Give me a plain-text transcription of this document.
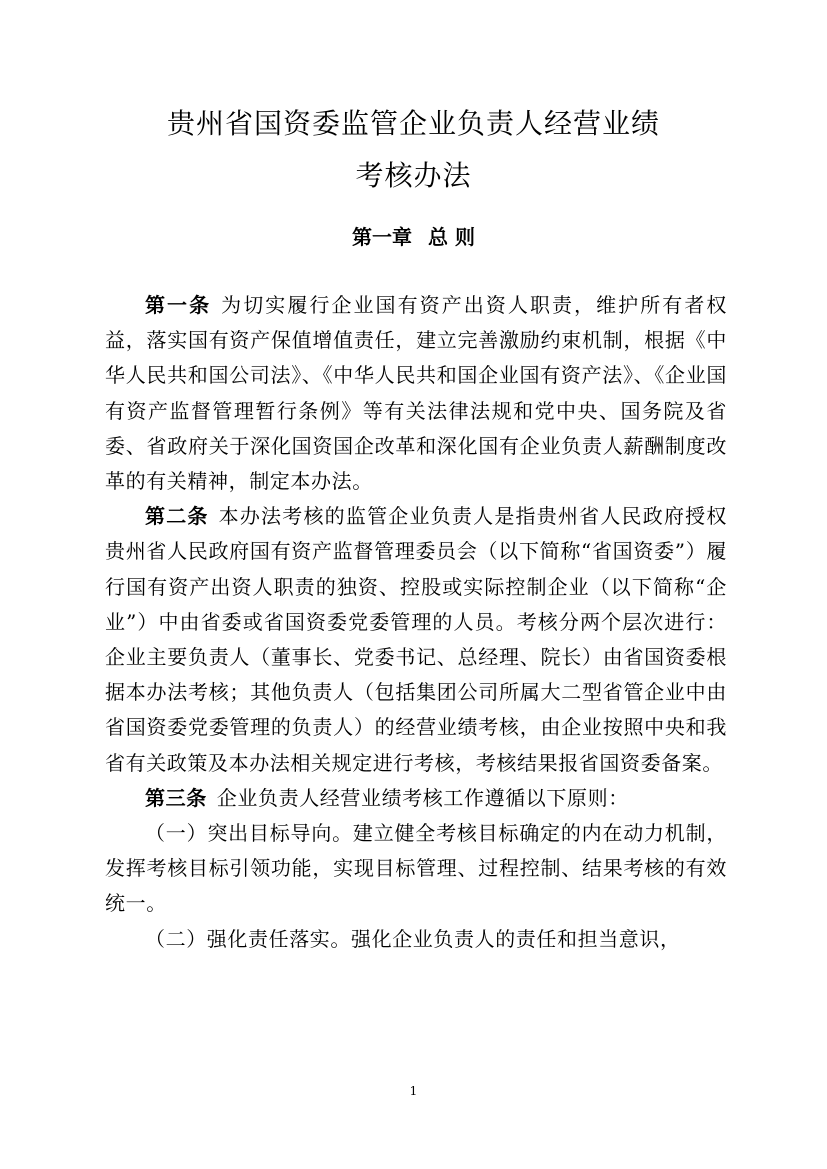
贵州省国资委监管企业负责人经营业绩
考核办法
第一章 总 则

第一条 为切实履行企业国有资产出资人职责，维护所有者权益，落实国有资产保值增值责任，建立完善激励约束机制，根据《中华人民共和国公司法》、《中华人民共和国企业国有资产法》、《企业国有资产监督管理暂行条例》等有关法律法规和党中央、国务院及省委、省政府关于深化国资国企改革和深化国有企业负责人薪酬制度改革的有关精神，制定本办法。

第二条 本办法考核的监管企业负责人是指贵州省人民政府授权贵州省人民政府国有资产监督管理委员会（以下简称“省国资委”）履行国有资产出资人职责的独资、控股或实际控制企业（以下简称“企业”）中由省委或省国资委党委管理的人员。考核分两个层次进行：企业主要负责人（董事长、党委书记、总经理、院长）由省国资委根据本办法考核；其他负责人（包括集团公司所属大二型省管企业中由省国资委党委管理的负责人）的经营业绩考核，由企业按照中央和我省有关政策及本办法相关规定进行考核，考核结果报省国资委备案。

第三条 企业负责人经营业绩考核工作遵循以下原则：

（一）突出目标导向。建立健全考核目标确定的内在动力机制，发挥考核目标引领功能，实现目标管理、过程控制、结果考核的有效统一。

（二）强化责任落实。强化企业负责人的责任和担当意识，

1
